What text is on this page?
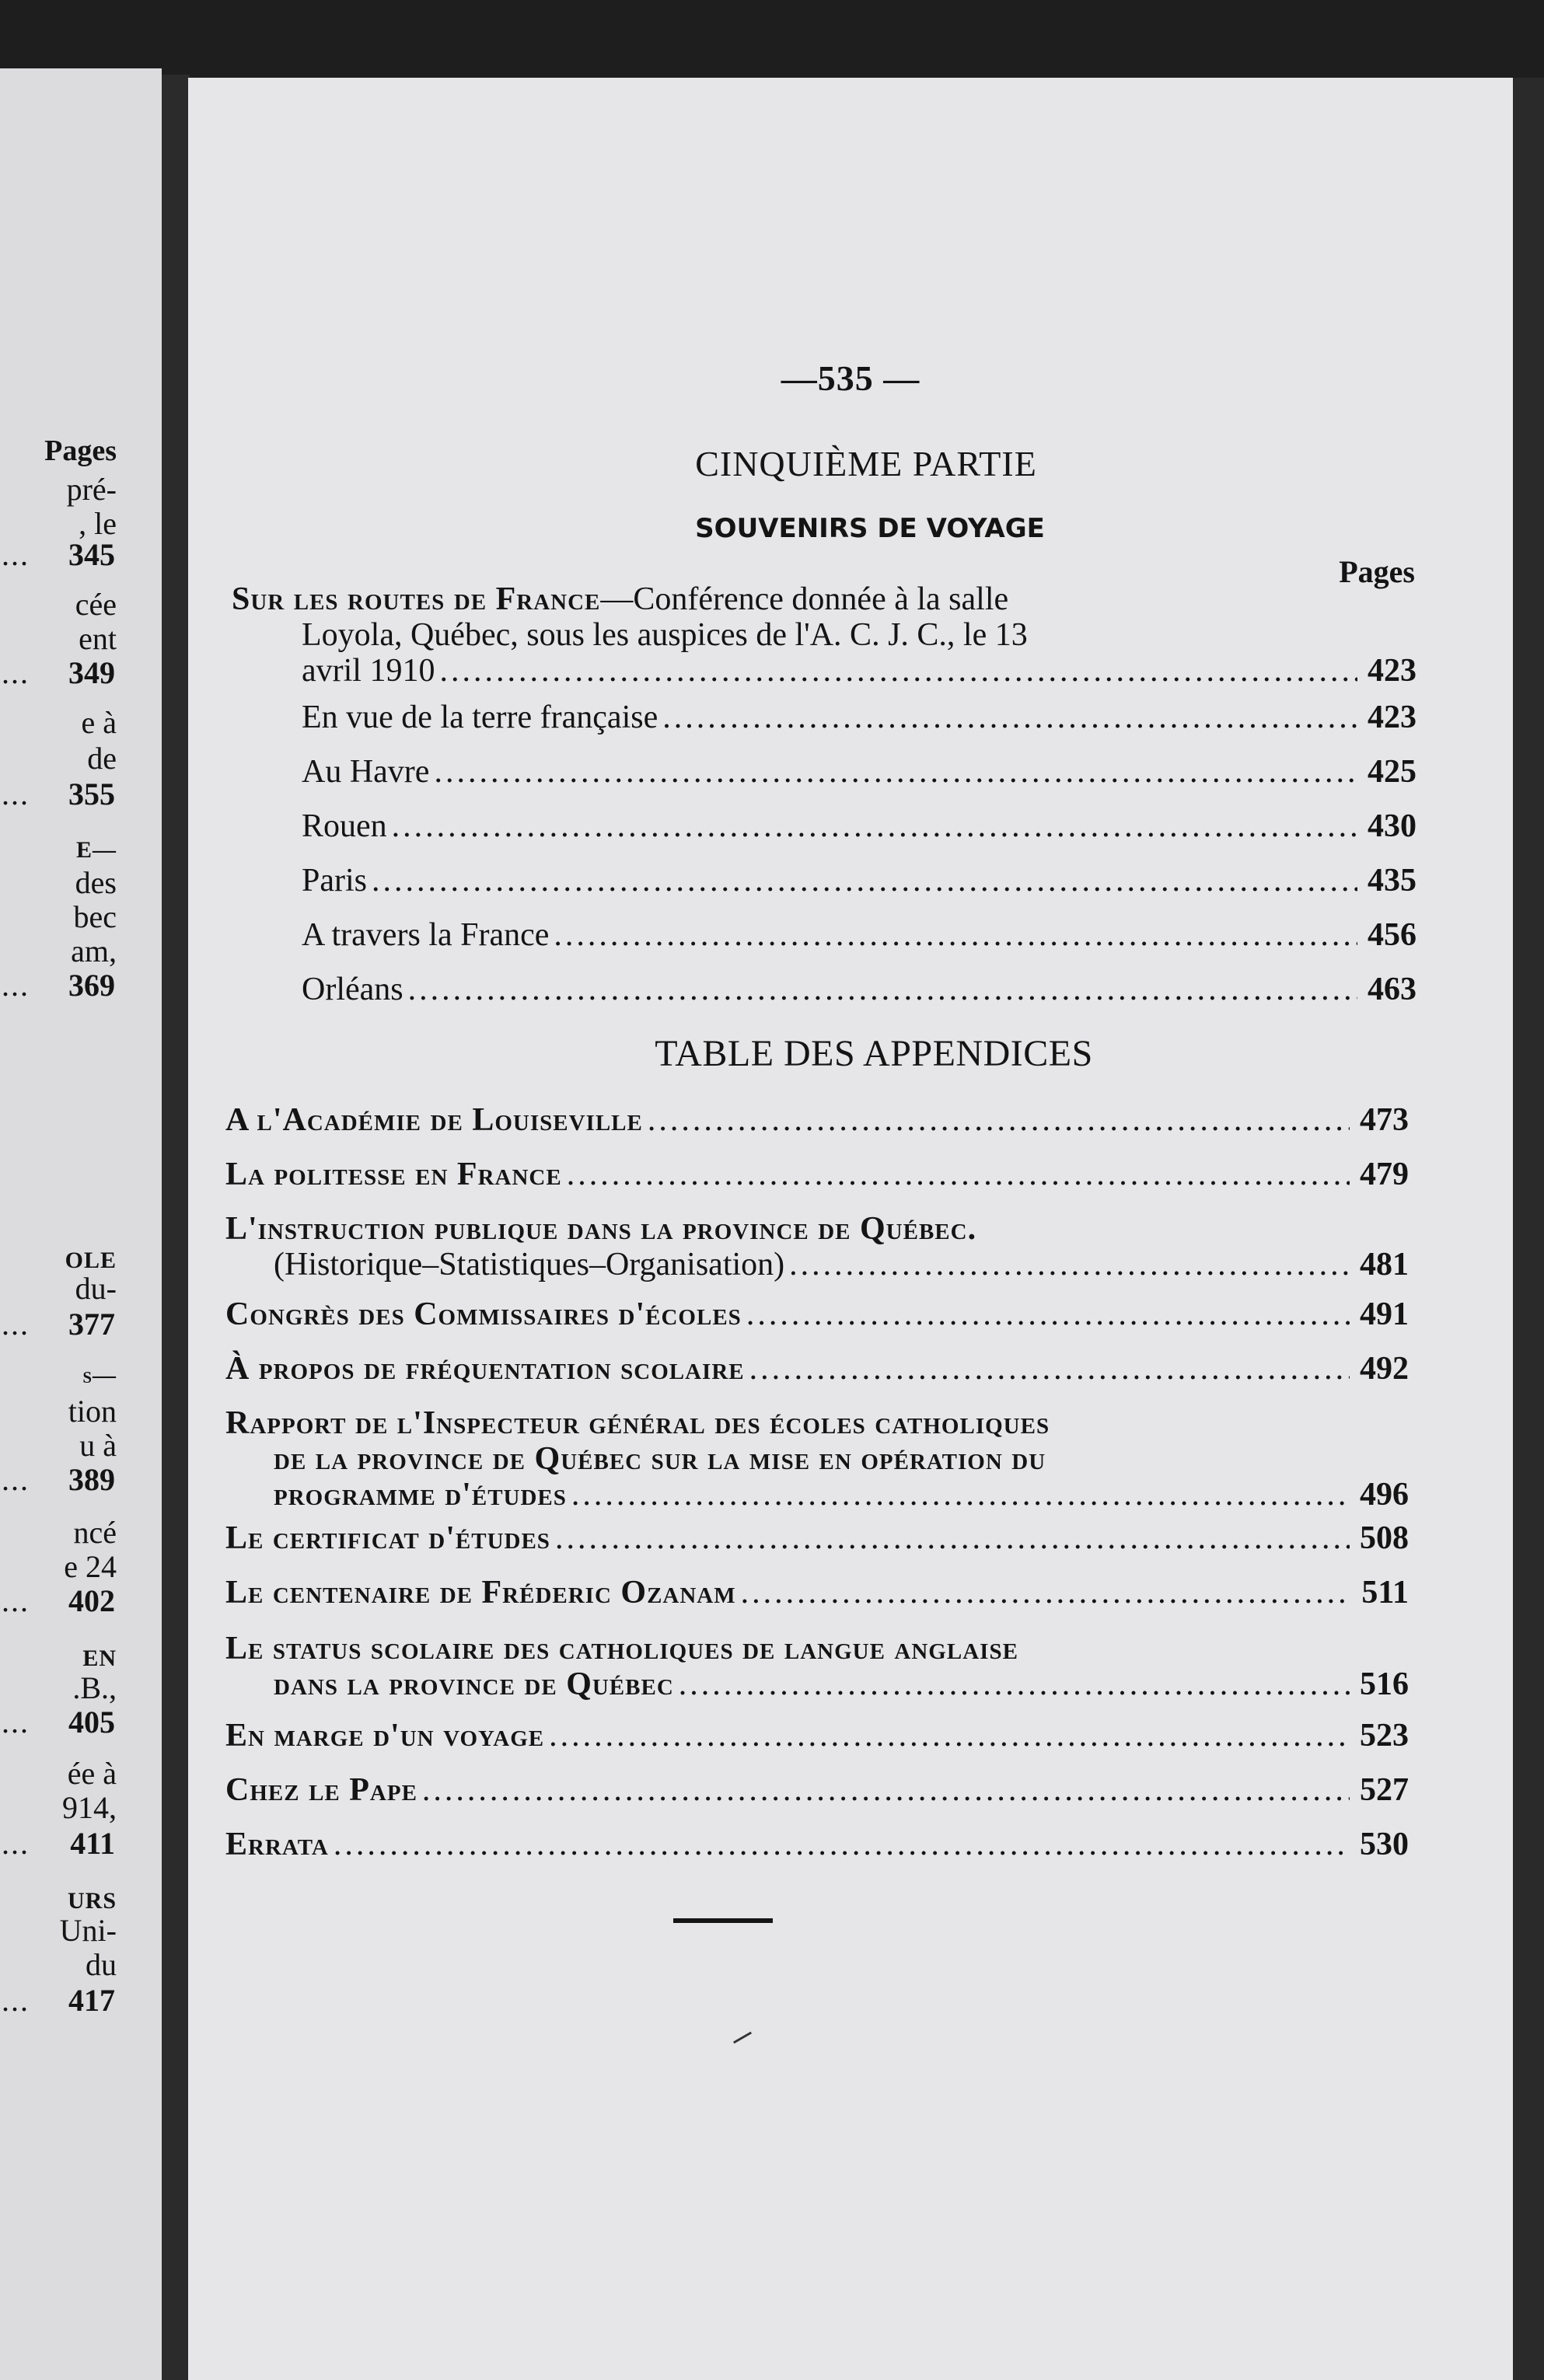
Pages
pré-
, le
...	345
cée
ent
...	349
e à
de
...	355
E—
des
bec
am,
...	369
OLE
du-
...	377
s—
tion
u à
...	389
ncé
e 24
...	402
EN
.B.,
...	405
ée à
914,
...	411
URS
Uni-
du
...	417
—535 —
CINQUIÈME PARTIE
SOUVENIRS DE VOYAGE
Pages
Sur les routes de France —Conférence donnée à la salle
Loyola, Québec, sous les auspices de l'A. C. J. C., le 13
avril 1910 .....	423
En vue de la terre française .....	423
Au Havre .....	425
Rouen .....	430
Paris .....	435
A travers la France .....	456
Orléans .....	463
TABLE DES APPENDICES
A l'Académie de Louiseville .....	473
La politesse en France .....	479
L'instruction publique dans la province de Québec.
(Historique–Statistiques–Organisation) .....	481
Congrès des Commissaires d'écoles .....	491
À propos de fréquentation scolaire .....	492
Rapport de l'Inspecteur général des écoles catholiques
de la province de Québec sur la mise en opération du
programme d'études .....	496
Le certificat d'études .....	508
Le centenaire de Fréderic Ozanam .....	511
Le status scolaire des catholiques de langue anglaise
dans la province de Québec .....	516
En marge d'un voyage .....	523
Chez le Pape .....	527
Errata .....	530
